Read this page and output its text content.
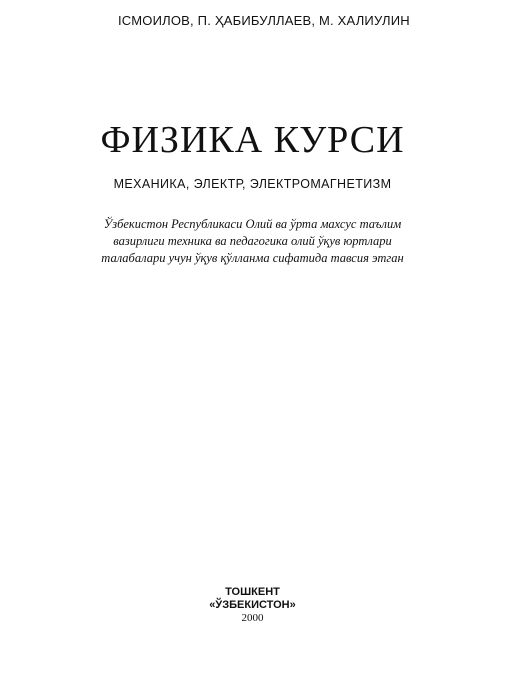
ІСМОИЛОВ, П. ҲАБИБУЛЛАЕВ, М. ХАЛИУЛИН
ФИЗИКА КУРСИ
МЕХАНИКА, ЭЛЕКТР, ЭЛЕКТРОМАГНЕТИЗМ
Ўзбекистон Республикаси Олий ва ўрта махсус таълим
вазирлиги техника ва педагогика олий ўқув юртлари
талабалари учун ўқув қўлланма сифатида тавсия этган
ТОШКЕНТ
«ЎЗБЕКИСТОН»
2000
